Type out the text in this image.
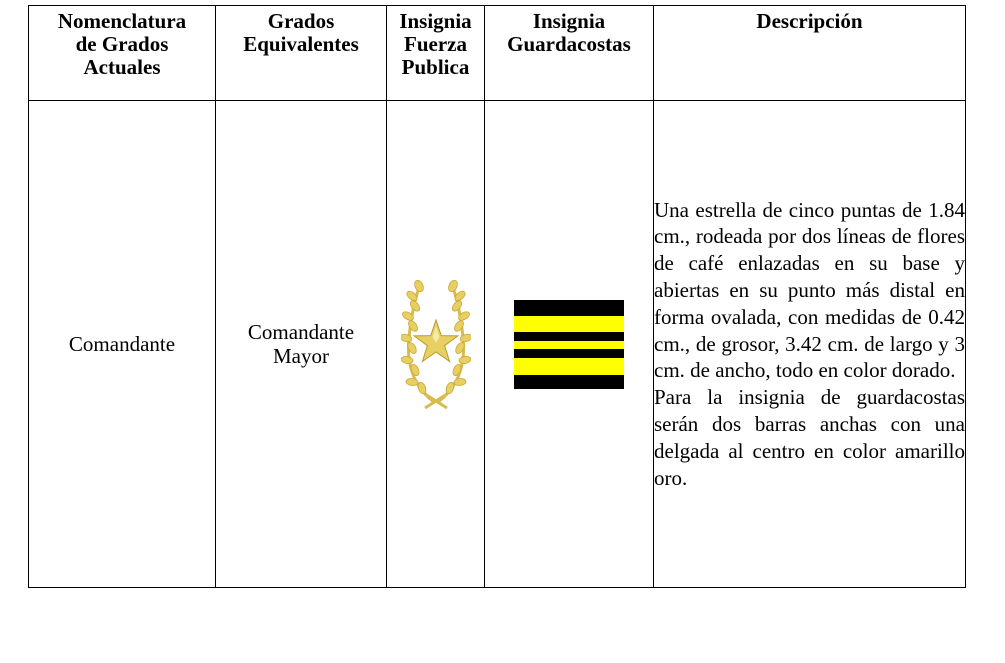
Nomenclatura de Grados Actuales	Grados Equivalentes	Insignia Fuerza Publica	Insignia Guardacostas	Descripción
Comandante	Comandante Mayor			Una estrella de cinco puntas de 1.84 cm., rodeada por dos líneas de flores de café enlazadas en su base y abiertas en su punto más distal en forma ovalada, con medidas de 0.42 cm., de grosor, 3.42 cm. de largo y 3 cm. de ancho, todo en color dorado.

Para la insignia de guardacostas serán dos barras anchas con una delgada al centro en color amarillo oro.
